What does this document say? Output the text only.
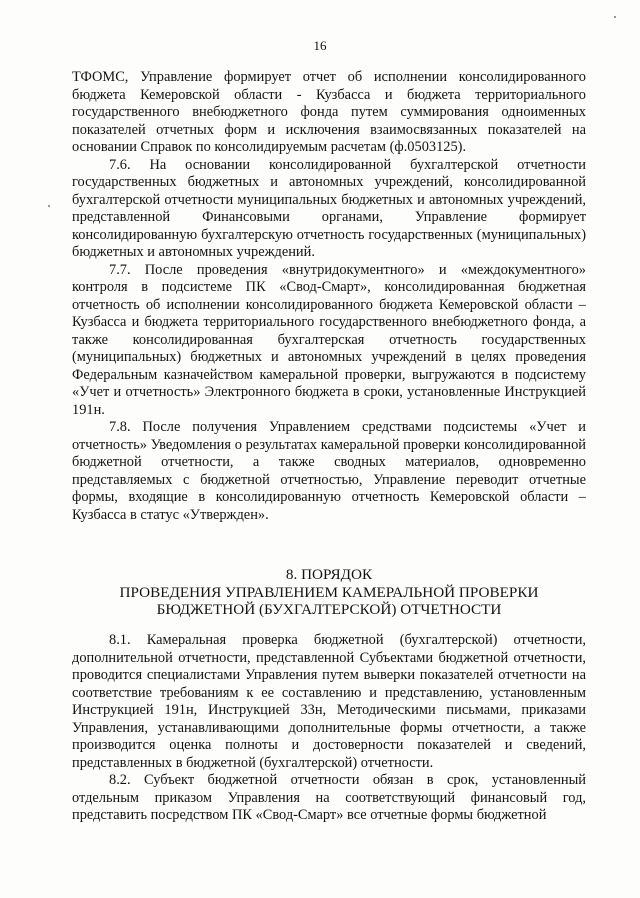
16

ТФОМС, Управление формирует отчет об исполнении консолидированного бюджета Кемеровской области - Кузбасса и бюджета территориального государственного внебюджетного фонда путем суммирования одноименных показателей отчетных форм и исключения взаимосвязанных показателей на основании Справок по консолидируемым расчетам (ф.0503125).

7.6. На основании консолидированной бухгалтерской отчетности государственных бюджетных и автономных учреждений, консолидированной бухгалтерской отчетности муниципальных бюджетных и автономных учреждений, представленной Финансовыми органами, Управление формирует консолидированную бухгалтерскую отчетность государственных (муниципальных) бюджетных и автономных учреждений.

7.7. После проведения «внутридокументного» и «междокументного» контроля в подсистеме ПК «Свод-Смарт», консолидированная бюджетная отчетность об исполнении консолидированного бюджета Кемеровской области – Кузбасса и бюджета территориального государственного внебюджетного фонда, а также консолидированная бухгалтерская отчетность государственных (муниципальных) бюджетных и автономных учреждений в целях проведения Федеральным казначейством камеральной проверки, выгружаются в подсистему «Учет и отчетность» Электронного бюджета в сроки, установленные Инструкцией 191н.

7.8. После получения Управлением средствами подсистемы «Учет и отчетность» Уведомления о результатах камеральной проверки консолидированной бюджетной отчетности, а также сводных материалов, одновременно представляемых с бюджетной отчетностью, Управление переводит отчетные формы, входящие в консолидированную отчетность Кемеровской области – Кузбасса в статус «Утвержден».

8. ПОРЯДОК
ПРОВЕДЕНИЯ УПРАВЛЕНИЕМ КАМЕРАЛЬНОЙ ПРОВЕРКИ
БЮДЖЕТНОЙ (БУХГАЛТЕРСКОЙ) ОТЧЕТНОСТИ

8.1. Камеральная проверка бюджетной (бухгалтерской) отчетности, дополнительной отчетности, представленной Субъектами бюджетной отчетности, проводится специалистами Управления путем выверки показателей отчетности на соответствие требованиям к ее составлению и представлению, установленным Инструкцией 191н, Инструкцией 33н, Методическими письмами, приказами Управления, устанавливающими дополнительные формы отчетности, а также производится оценка полноты и достоверности показателей и сведений, представленных в бюджетной (бухгалтерской) отчетности.

8.2. Субъект бюджетной отчетности обязан в срок, установленный отдельным приказом Управления на соответствующий финансовый год, представить посредством ПК «Свод-Смарт» все отчетные формы бюджетной
